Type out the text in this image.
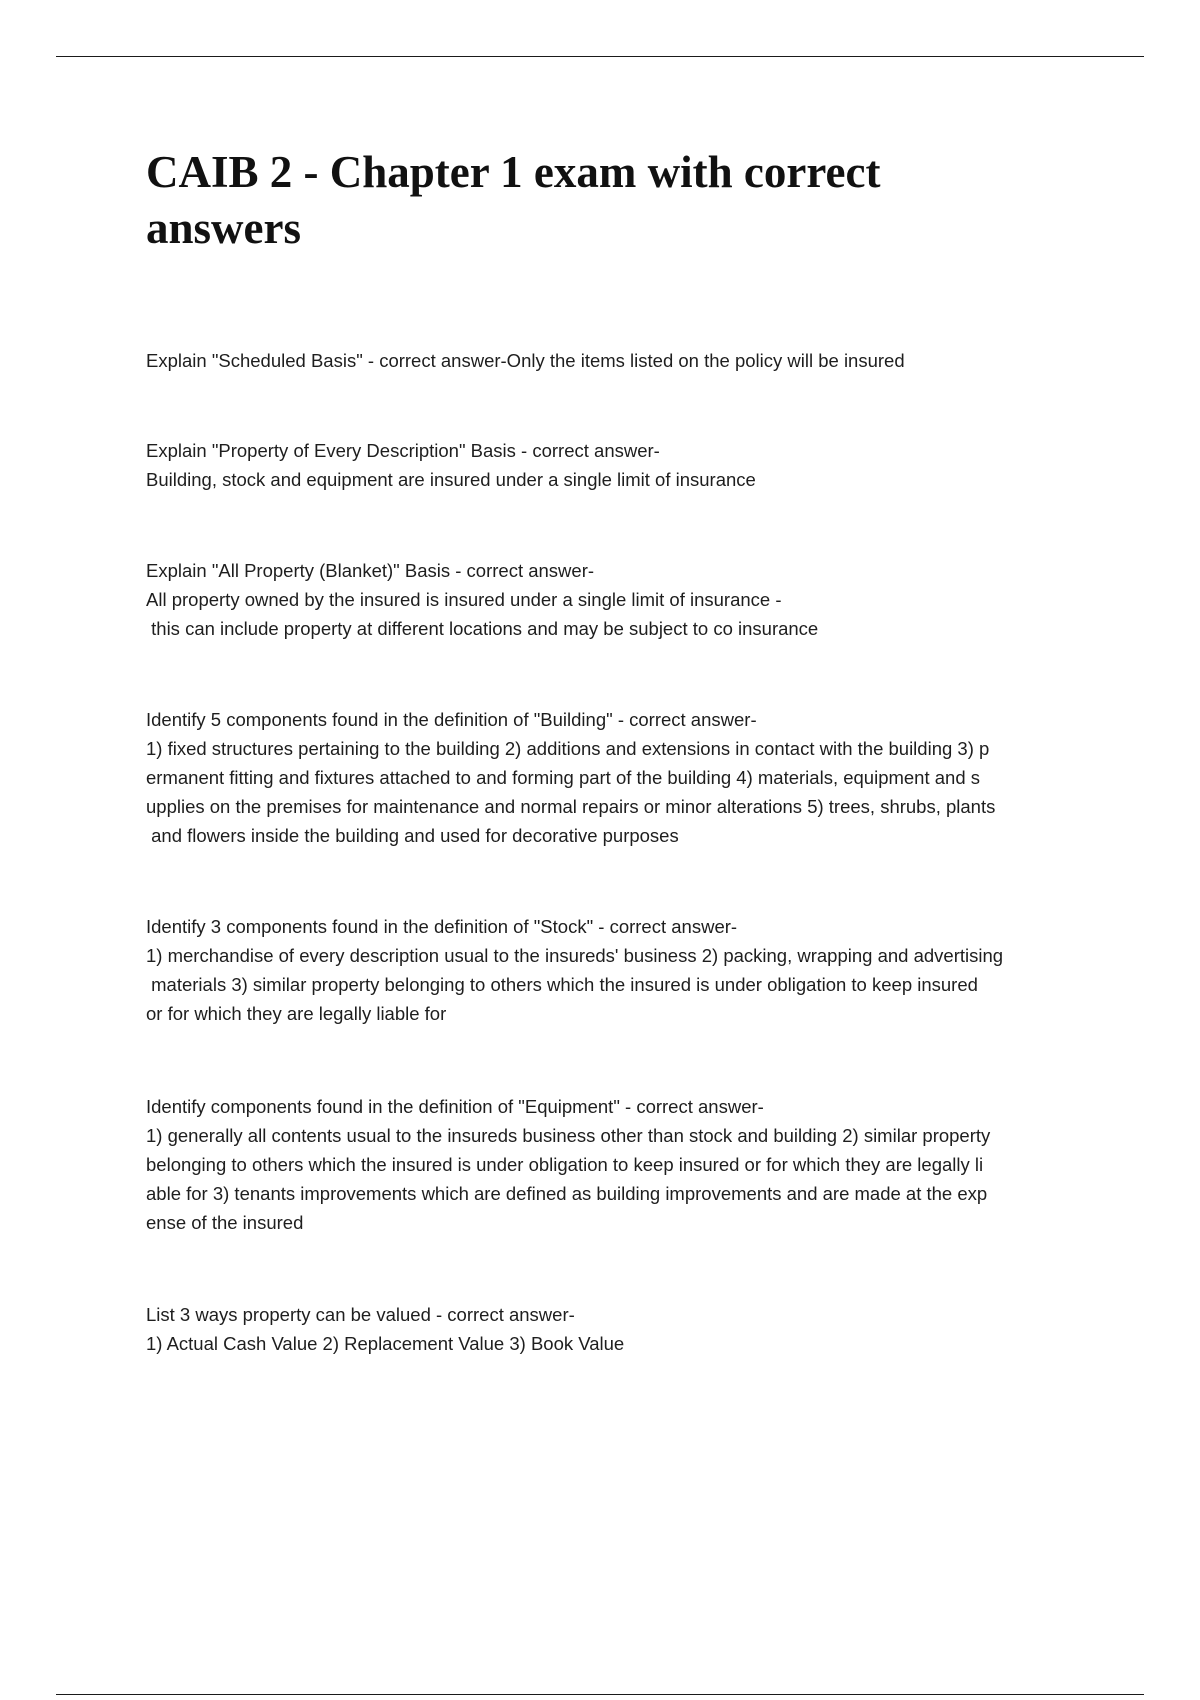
CAIB 2 - Chapter 1 exam with correct
answers
Explain "Scheduled Basis" - correct answer-Only the items listed on the policy will be insured
Explain "Property of Every Description" Basis - correct answer-
Building, stock and equipment are insured under a single limit of insurance
Explain "All Property (Blanket)" Basis - correct answer-
All property owned by the insured is insured under a single limit of insurance -
this can include property at different locations and may be subject to co insurance
Identify 5 components found in the definition of "Building" - correct answer-
1) fixed structures pertaining to the building 2) additions and extensions in contact with the building 3) p
ermanent fitting and fixtures attached to and forming part of the building 4) materials, equipment and s
upplies on the premises for maintenance and normal repairs or minor alterations 5) trees, shrubs, plants
and flowers inside the building and used for decorative purposes
Identify 3 components found in the definition of "Stock" - correct answer-
1) merchandise of every description usual to the insureds' business 2) packing, wrapping and advertising
materials 3) similar property belonging to others which the insured is under obligation to keep insured
or for which they are legally liable for
Identify components found in the definition of "Equipment" - correct answer-
1) generally all contents usual to the insureds business other than stock and building 2) similar property
belonging to others which the insured is under obligation to keep insured or for which they are legally li
able for 3) tenants improvements which are defined as building improvements and are made at the exp
ense of the insured
List 3 ways property can be valued - correct answer-
1) Actual Cash Value 2) Replacement Value 3) Book Value
